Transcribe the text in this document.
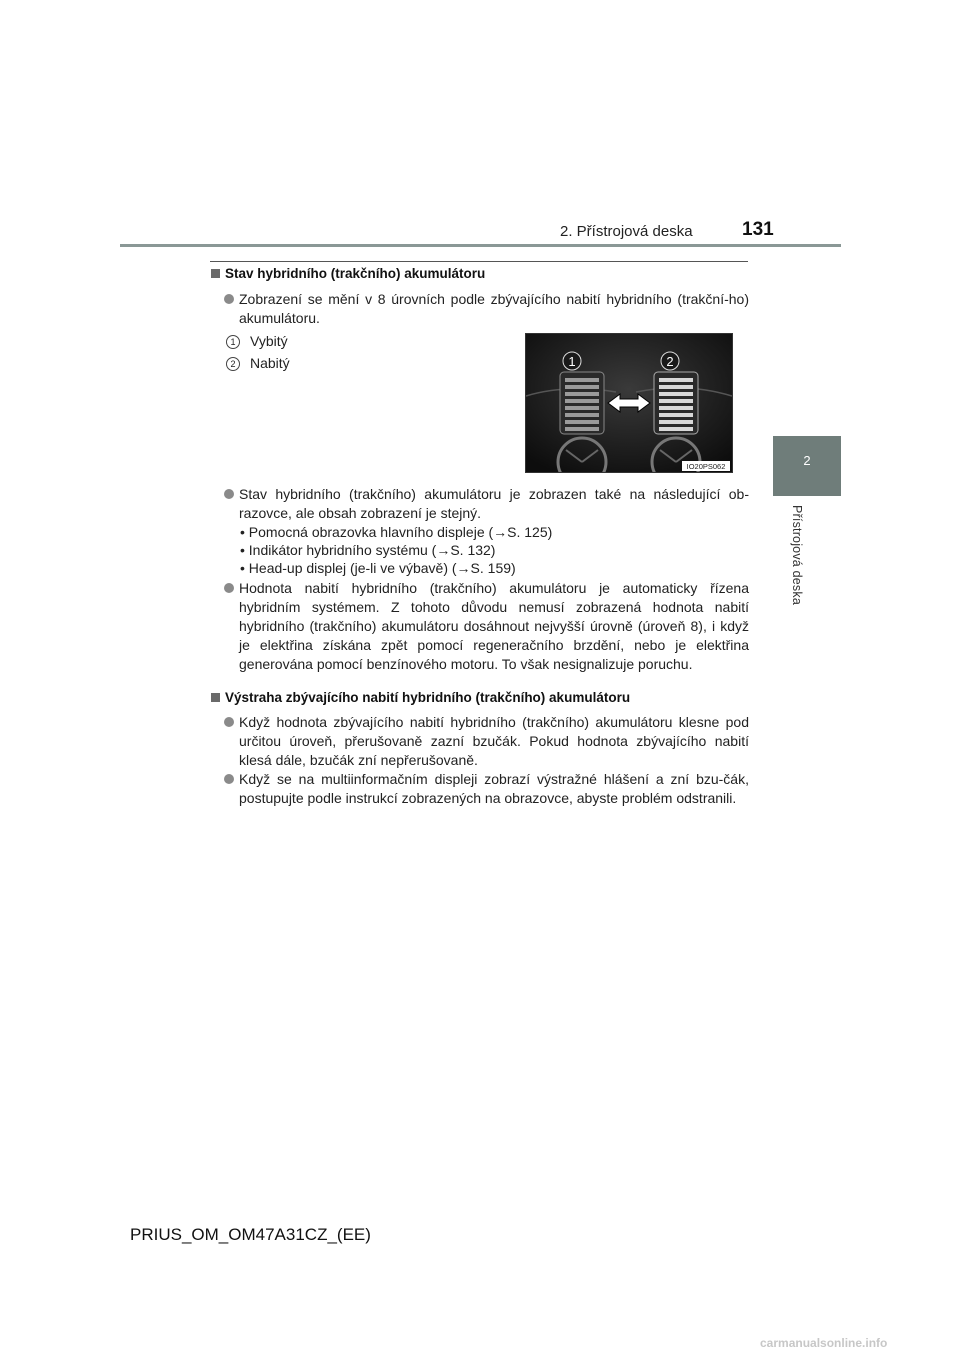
2. Přístrojová deska	131
2
Přístrojová deska
Stav hybridního (trakčního) akumulátoru
Zobrazení se mění v 8 úrovních podle zbývajícího nabití hybridního (trakční-ho) akumulátoru.
1 Vybitý
2 Nabitý	1	2
IO20PS062
Stav hybridního (trakčního) akumulátoru je zobrazen také na následující ob-razovce, ale obsah zobrazení je stejný.
• Pomocná obrazovka hlavního displeje (→S. 125)
• Indikátor hybridního systému (→S. 132)
• Head-up displej (je-li ve výbavě) (→S. 159)
Hodnota nabití hybridního (trakčního) akumulátoru je automaticky řízena hybridním systémem. Z tohoto důvodu nemusí zobrazená hodnota nabití hybridního (trakčního) akumulátoru dosáhnout nejvyšší úrovně (úroveň 8), i když je elektřina získána zpět pomocí regeneračního brzdění, nebo je elektřina generována pomocí benzínového motoru. To však nesignalizuje poruchu.
Výstraha zbývajícího nabití hybridního (trakčního) akumulátoru
Když hodnota zbývajícího nabití hybridního (trakčního) akumulátoru klesne pod určitou úroveň, přerušovaně zazní bzučák. Pokud hodnota zbývajícího nabití klesá dále, bzučák zní nepřerušovaně.
Když se na multiinformačním displeji zobrazí výstražné hlášení a zní bzu-čák, postupujte podle instrukcí zobrazených na obrazovce, abyste problém odstranili.
PRIUS_OM_OM47A31CZ_(EE)
carmanualsonline.info
